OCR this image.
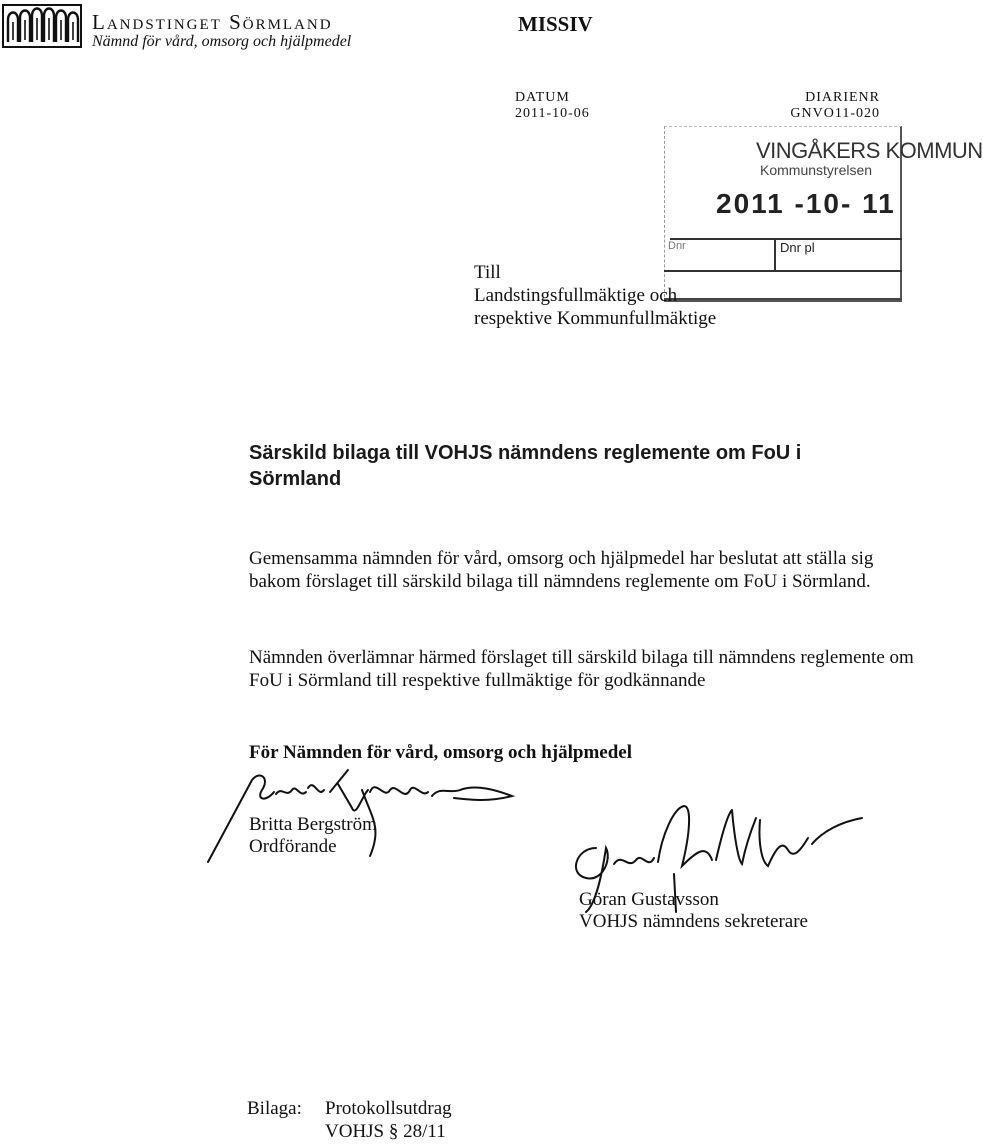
Landstinget Sörmland
Nämnd för vård, omsorg och hjälpmedel
MISSIV
DATUM
2011-10-06
DIARIENR
GNVO11-020
VINGÅKERS KOMMUN
Kommunstyrelsen
2011 -10- 11
Dnr	Dnr pl
Till
Landstingsfullmäktige och
respektive Kommunfullmäktige
Särskild bilaga till VOHJS nämndens reglemente om FoU i Sörmland
Gemensamma nämnden för vård, omsorg och hjälpmedel har beslutat att ställa sig bakom förslaget till särskild bilaga till nämndens reglemente om FoU i Sörmland.
Nämnden överlämnar härmed förslaget till särskild bilaga till nämndens reglemente om FoU i Sörmland till respektive fullmäktige för godkännande
För Nämnden för vård, omsorg och hjälpmedel
Britta Bergström
Ordförande
Göran Gustavsson
VOHJS nämndens sekreterare
Bilaga: Protokollsutdrag
VOHJS § 28/11
